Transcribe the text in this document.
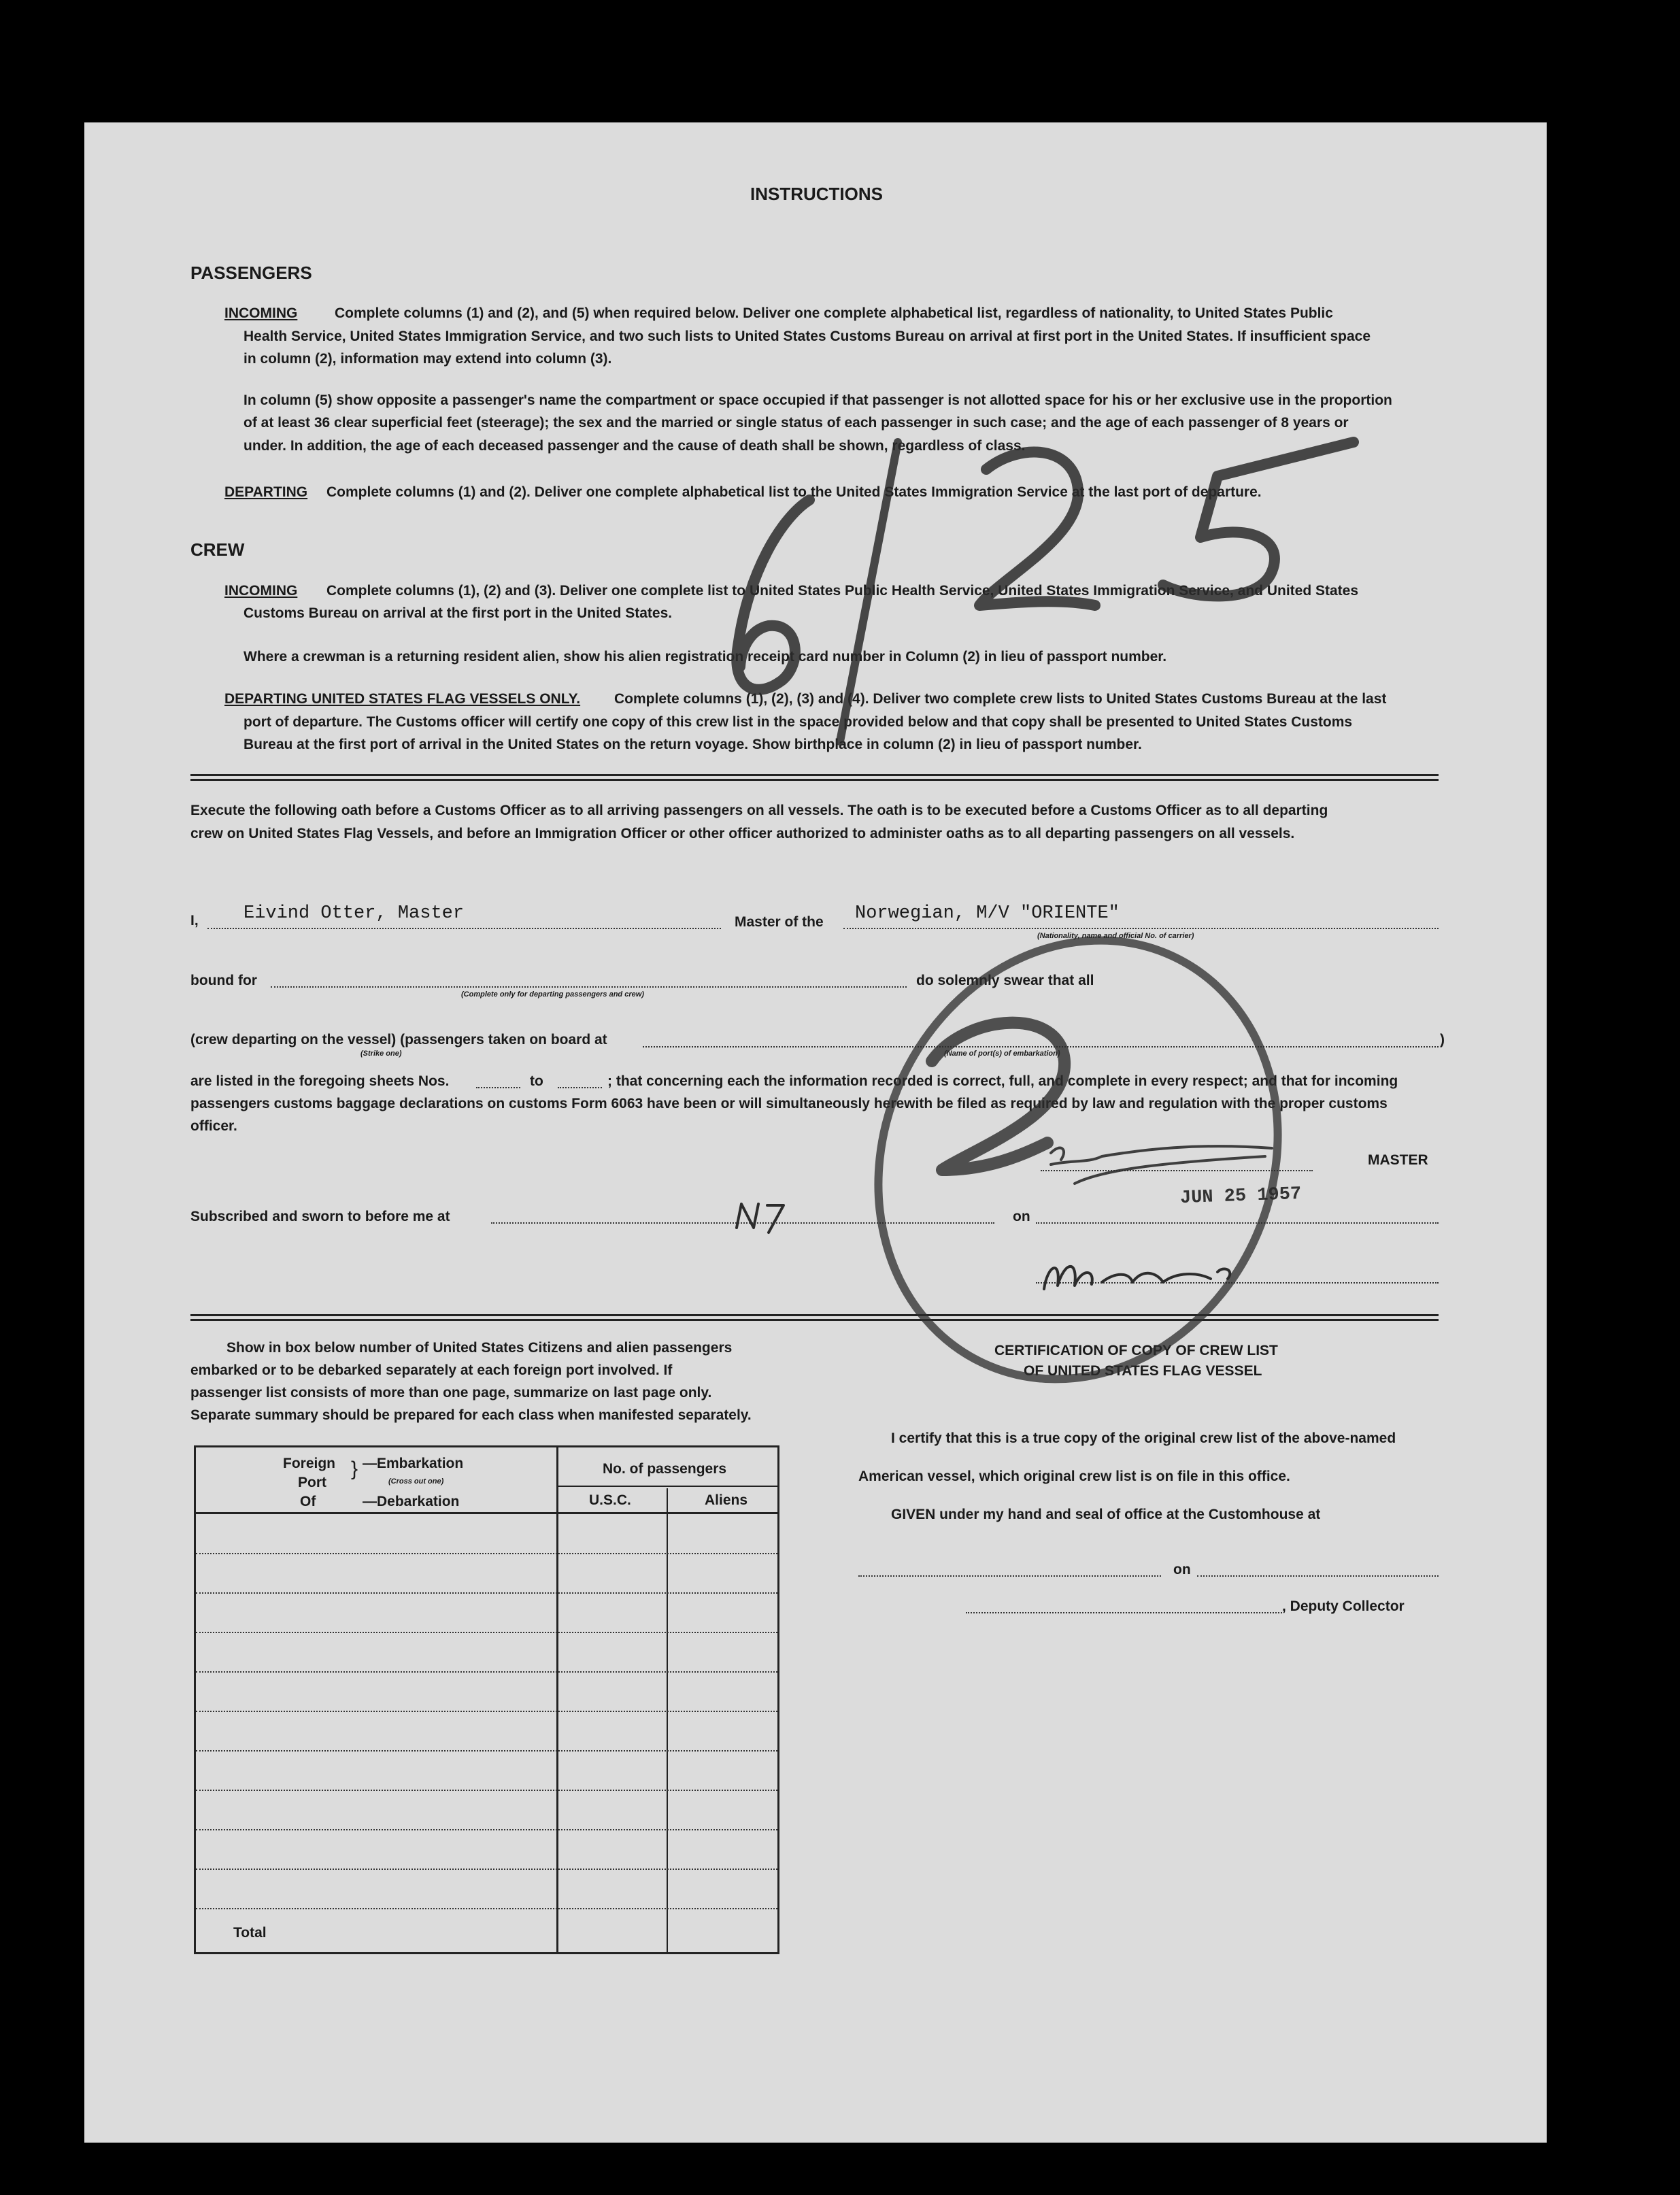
INSTRUCTIONS
PASSENGERS
INCOMING	Complete columns (1) and (2), and (5) when required below. Deliver one complete alphabetical list, regardless of nationality, to United States Public
Health Service, United States Immigration Service, and two such lists to United States Customs Bureau on arrival at first port in the United States. If insufficient space
in column (2), information may extend into column (3).
In column (5) show opposite a passenger's name the compartment or space occupied if that passenger is not allotted space for his or her exclusive use in the proportion
of at least 36 clear superficial feet (steerage); the sex and the married or single status of each passenger in such case; and the age of each passenger of 8 years or
under. In addition, the age of each deceased passenger and the cause of death shall be shown, regardless of class.
DEPARTING Complete columns (1) and (2). Deliver one complete alphabetical list to the United States Immigration Service at the last port of departure.
CREW
INCOMING Complete columns (1), (2) and (3). Deliver one complete list to United States Public Health Service, United States Immigration Service, and United States
Customs Bureau on arrival at the first port in the United States.
Where a crewman is a returning resident alien, show his alien registration receipt card number in Column (2) in lieu of passport number.
DEPARTING UNITED STATES FLAG VESSELS ONLY. Complete columns (1), (2), (3) and (4). Deliver two complete crew lists to United States Customs Bureau at the last
port of departure. The Customs officer will certify one copy of this crew list in the space provided below and that copy shall be presented to United States Customs
Bureau at the first port of arrival in the United States on the return voyage. Show birthplace in column (2) in lieu of passport number.
Execute the following oath before a Customs Officer as to all arriving passengers on all vessels. The oath is to be executed before a Customs Officer as to all departing
crew on United States Flag Vessels, and before an Immigration Officer or other officer authorized to administer oaths as to all departing passengers on all vessels.
I, Eivind Otter, Master	Master of the Norwegian, M/V "ORIENTE"
(Nationality, name and official No. of carrier)
bound for
(Complete only for departing passengers and crew)
do solemnly swear that all
(crew departing on the vessel) (passengers taken on board at
(Strike one)	(Name of port(s) of embarkation)
)
are listed in the foregoing sheets Nos.	to	; that concerning each the information recorded is correct, full, and complete in every respect; and that for incoming
passengers customs baggage declarations on customs Form 6063 have been or will simultaneously herewith be filed as required by law and regulation with the proper customs
officer.
MASTER
Subscribed and sworn to before me at	on
JUN 25 1957
Show in box below number of United States Citizens and alien passengers
embarked or to be debarked separately at each foreign port involved. If
passenger list consists of more than one page, summarize on last page only.
Separate summary should be prepared for each class when manifested separately.
Foreign
Port
Of
} —Embarkation
(Cross out one)
—Debarkation
No. of passengers
U.S.C.	Aliens
Total
CERTIFICATION OF COPY OF CREW LIST
OF UNITED STATES FLAG VESSEL
I certify that this is a true copy of the original crew list of the above-named
American vessel, which original crew list is on file in this office.
GIVEN under my hand and seal of office at the Customhouse at
on
, Deputy Collector
